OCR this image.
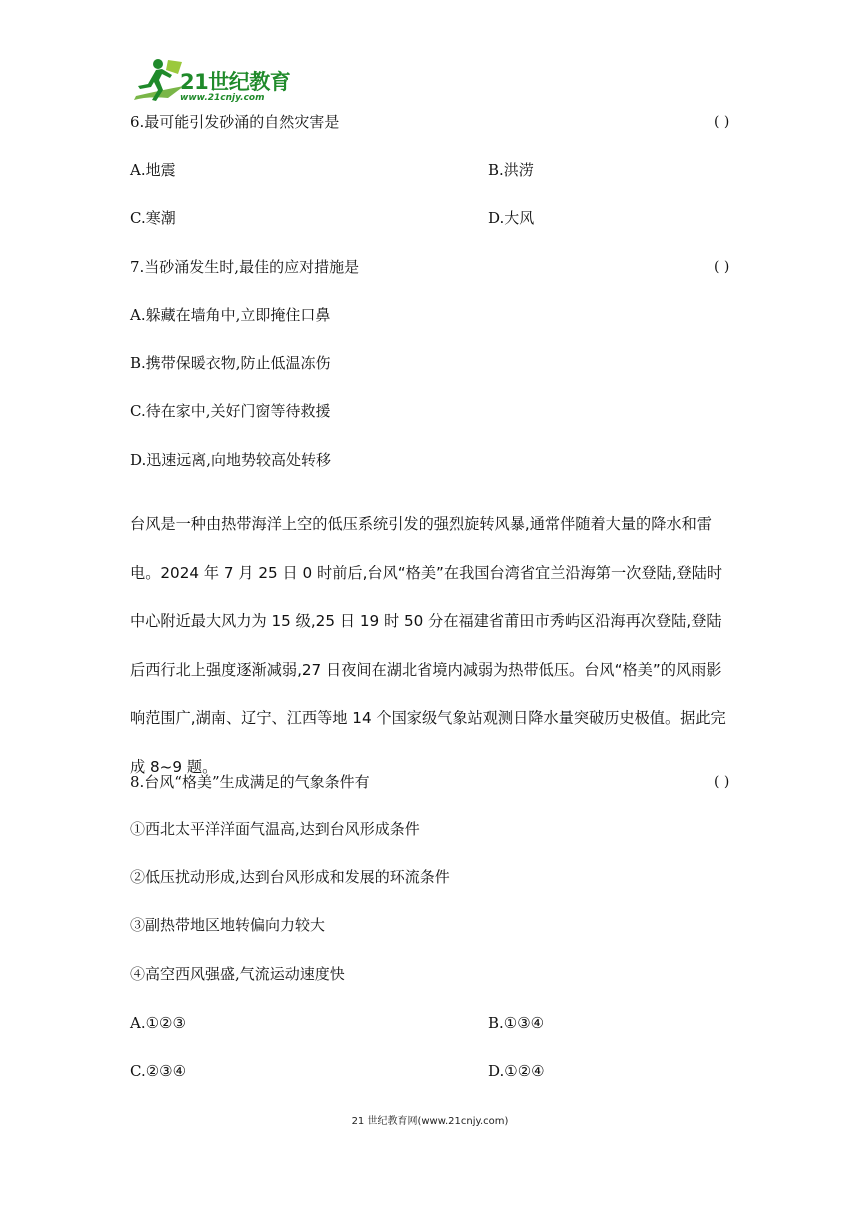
21世纪教育
www.21cnjy.com
6.最可能引发砂涌的自然灾害是	( )
A.地震	B.洪涝
C.寒潮	D.大风
7.当砂涌发生时,最佳的应对措施是	( )
A.躲藏在墙角中,立即掩住口鼻
B.携带保暖衣物,防止低温冻伤
C.待在家中,关好门窗等待救援
D.迅速远离,向地势较高处转移

台风是一种由热带海洋上空的低压系统引发的强烈旋转风暴,通常伴随着大量的降水和雷电。2024 年 7 月 25 日 0 时前后,台风“格美”在我国台湾省宜兰沿海第一次登陆,登陆时中心附近最大风力为 15 级,25 日 19 时 50 分在福建省莆田市秀屿区沿海再次登陆,登陆后西行北上强度逐渐减弱,27 日夜间在湖北省境内减弱为热带低压。台风“格美”的风雨影响范围广,湖南、辽宁、江西等地 14 个国家级气象站观测日降水量突破历史极值。据此完成 8~9 题。

8.台风“格美”生成满足的气象条件有	( )
①西北太平洋洋面气温高,达到台风形成条件
②低压扰动形成,达到台风形成和发展的环流条件
③副热带地区地转偏向力较大
④高空西风强盛,气流运动速度快
A.①②③	B.①③④
C.②③④	D.①②④
21 世纪教育网(www.21cnjy.com)
